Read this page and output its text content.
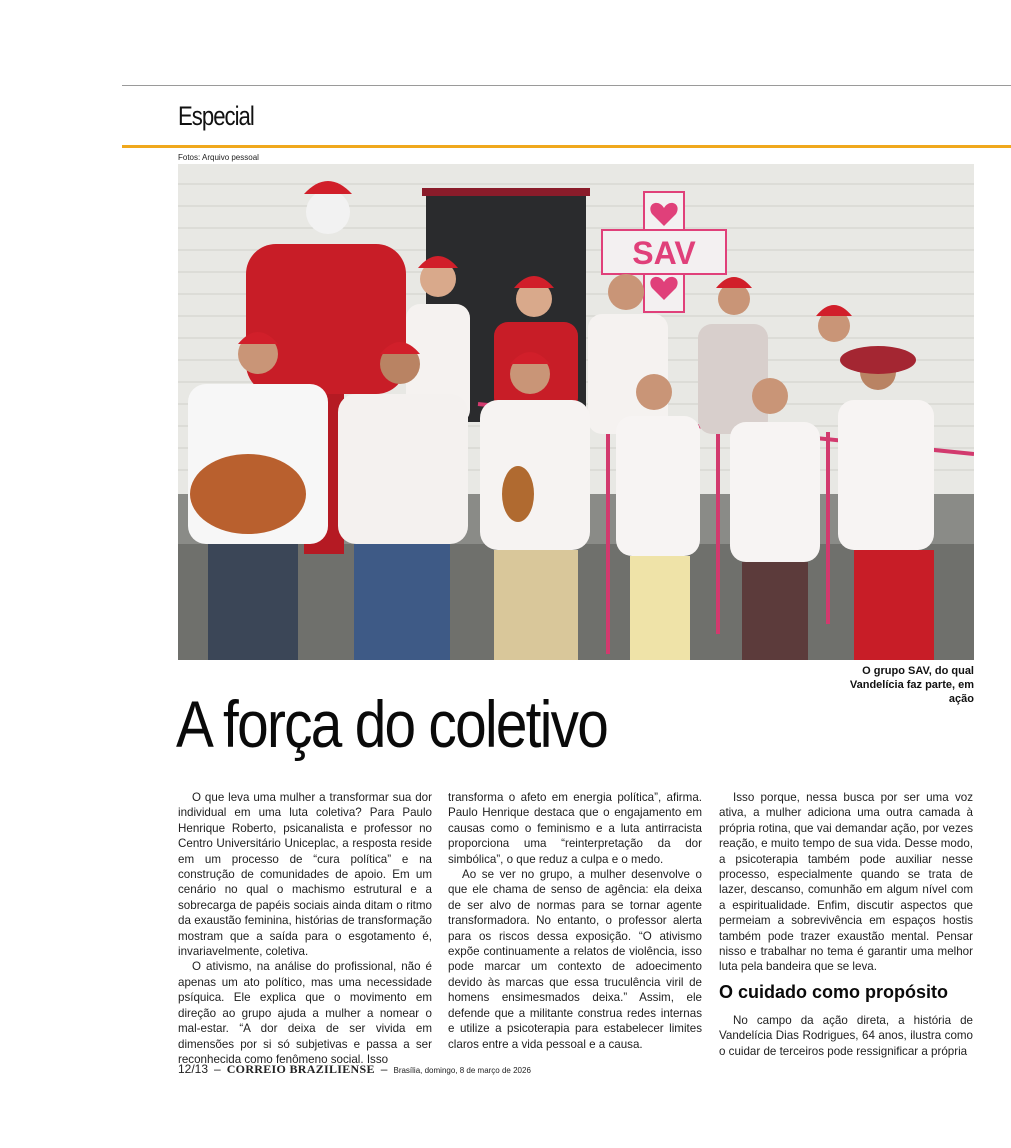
Especial
Fotos: Arquivo pessoal
SAV
O grupo SAV, do qual Vandelícia faz parte, em ação
A força do coletivo

O que leva uma mulher a transformar sua dor individual em uma luta coletiva? Para Paulo Henrique Roberto, psicanalista e professor no Centro Universitário Uniceplac, a resposta reside em um processo de “cura política” e na construção de comunidades de apoio. Em um cenário no qual o machismo estrutural e a sobrecarga de papéis sociais ainda ditam o ritmo da exaustão feminina, histórias de transformação mostram que a saída para o esgotamento é, invariavelmente, coletiva.

O ativismo, na análise do profissional, não é apenas um ato político, mas uma necessidade psíquica. Ele explica que o movimento em direção ao grupo ajuda a mulher a nomear o mal-estar. “A dor deixa de ser vivida em dimensões por si só subjetivas e passa a ser reconhecida como fenômeno social. Isso

transforma o afeto em energia política”, afirma. Paulo Henrique destaca que o engajamento em causas como o feminismo e a luta antirracista proporciona uma “reinterpretação da dor simbólica”, o que reduz a culpa e o medo.

Ao se ver no grupo, a mulher desenvolve o que ele chama de senso de agência: ela deixa de ser alvo de normas para se tornar agente transformadora. No entanto, o professor alerta para os riscos dessa exposição. “O ativismo expõe continuamente a relatos de violência, isso pode marcar um contexto de adoecimento devido às marcas que essa truculência viril de homens ensimesmados deixa.” Assim, ele defende que a militante construa redes internas e utilize a psicoterapia para estabelecer limites claros entre a vida pessoal e a causa.

Isso porque, nessa busca por ser uma voz ativa, a mulher adiciona uma outra camada à própria rotina, que vai demandar ação, por vezes reação, e muito tempo de sua vida. Desse modo, a psicoterapia também pode auxiliar nesse processo, especialmente quando se trata de lazer, descanso, comunhão em algum nível com a espiritualidade. Enfim, discutir aspectos que permeiam a sobrevivência em espaços hostis também pode trazer exaustão mental. Pensar nisso e trabalhar no tema é garantir uma melhor luta pela bandeira que se leva.

O cuidado como propósito

No campo da ação direta, a história de Vandelícia Dias Rodrigues, 64 anos, ilustra como o cuidar de terceiros pode ressignificar a própria

12/13 – CORREIO BRAZILIENSE – Brasília, domingo, 8 de março de 2026
